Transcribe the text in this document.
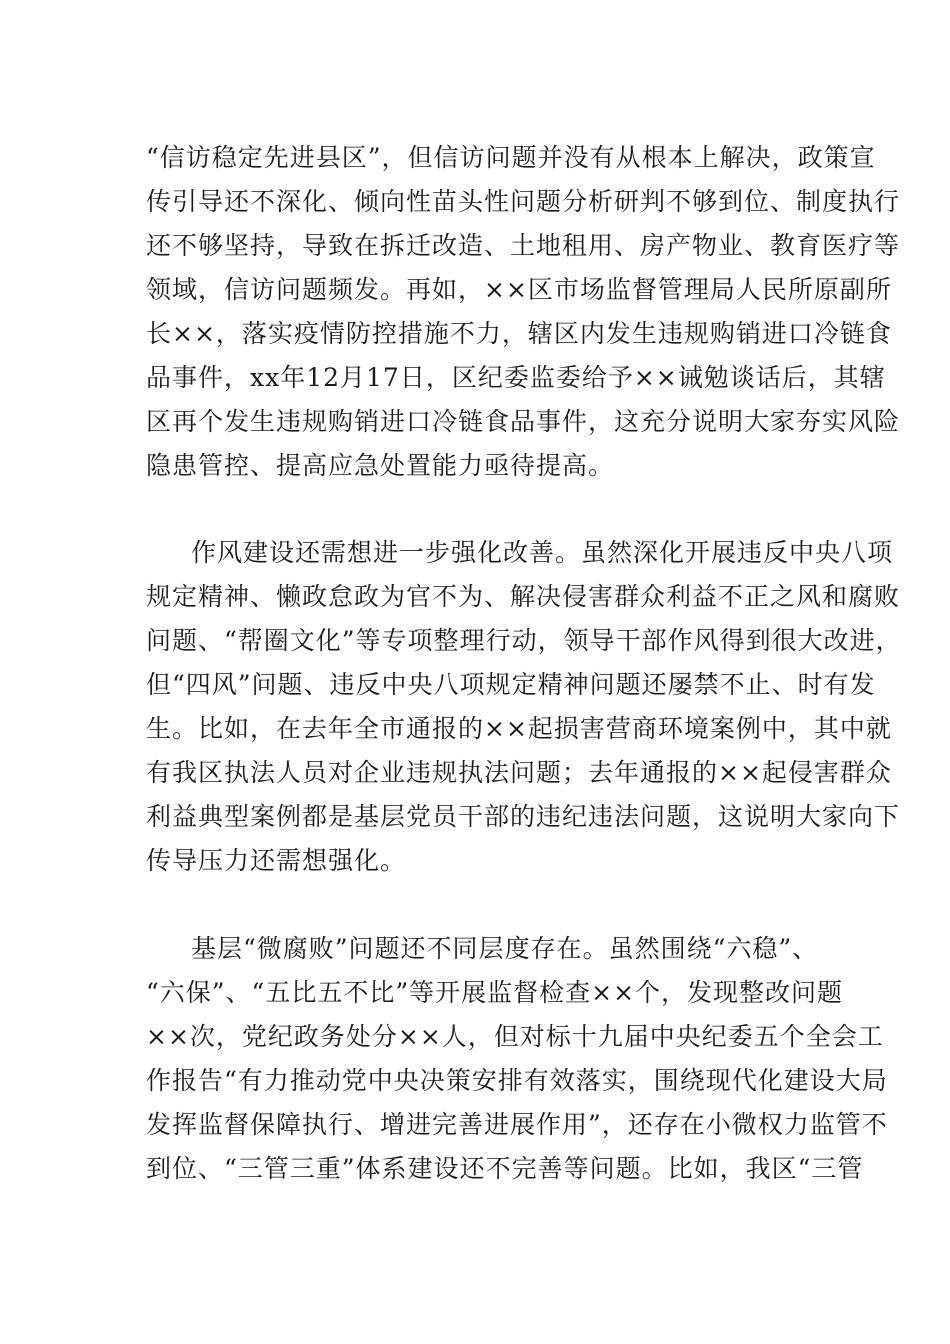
“信访稳定先进县区”，但信访问题并没有从根本上解决，政策宣
传引导还不深化、倾向性苗头性问题分析研判不够到位、制度执行
还不够坚持，导致在拆迁改造、土地租用、房产物业、教育医疗等
领域，信访问题频发。再如，××区市场监督管理局人民所原副所
长××，落实疫情防控措施不力，辖区内发生违规购销进口冷链食
品事件，xx年12月17日，区纪委监委给予××诫勉谈话后，其辖
区再个发生违规购销进口冷链食品事件，这充分说明大家夯实风险
隐患管控、提高应急处置能力亟待提高。
作风建设还需想进一步强化改善。虽然深化开展违反中央八项
规定精神、懒政怠政为官不为、解决侵害群众利益不正之风和腐败
问题、“帮圈文化”等专项整理行动，领导干部作风得到很大改进，
但“四风”问题、违反中央八项规定精神问题还屡禁不止、时有发
生。比如，在去年全市通报的××起损害营商环境案例中，其中就
有我区执法人员对企业违规执法问题；去年通报的××起侵害群众
利益典型案例都是基层党员干部的违纪违法问题，这说明大家向下
传导压力还需想强化。
基层“微腐败”问题还不同层度存在。虽然围绕“六稳”、
“六保”、“五比五不比”等开展监督检查××个，发现整改问题
××次，党纪政务处分××人，但对标十九届中央纪委五个全会工
作报告“有力推动党中央决策安排有效落实，围绕现代化建设大局
发挥监督保障执行、增进完善进展作用”，还存在小微权力监管不
到位、“三管三重”体系建设还不完善等问题。比如，我区“三管
